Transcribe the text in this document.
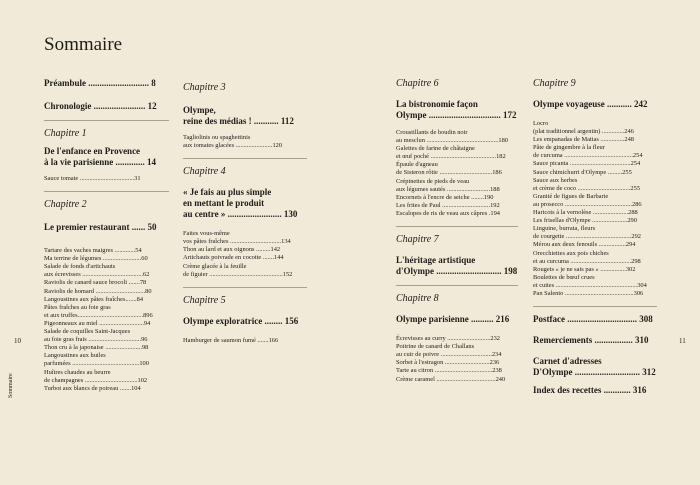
Sommaire
10	11
Sommaire
Préambule ........................... 8
Chronologie ....................... 12
Chapitre 1
De l'enfance en Provence
à la vie parisienne ............. 14
Sauce tomate ..................................31
Chapitre 2
Le premier restaurant ...... 50
Tartare des vaches maigres .............54
Ma terrine de légumes ........................60
Salade de fonds d'artichauts
aux écrevisses ......................................62
Raviolis de canard sauce brocoli .......78
Raviolis de homard ...............................80
Langoustines aux pâtes fraîches.......84
Pâtes fraîches au foie gras
et aux truffes.........................................896
Pigeonneaux au miel ............................94
Salade de coquilles Saint-Jacques
au foie gras frais .................................96
Thon cru à la japonaise .......................98
Langoustines aux huiles
parfumées ..........................................100
Huîtres chaudes au beurre
de champagnes .................................102
Turbot aux blancs de poireau .......104
Chapitre 3
Olympe,
reine des médias ! ........... 112
Tagliolinis ou spaghettinis
aux tomates glacées .......................120
Chapitre 4
« Je fais au plus simple
en mettant le produit
au centre » ........................ 130
Faites vous-même
vos pâtes fraîches ................................134
Thon au lard et aux oignons .........142
Artichauts poivrade en cocotte .......144
Crème glacée à la feuille
de figuier ..............................................152
Chapitre 5
Olympe exploratrice ........ 156
Hamburger de saumon fumé .......166
Chapitre 6
La bistronomie façon
Olympe ................................ 172
Croustillants de boudin noir
au mesclun .............................................180
Galettes de farine de châtaigne
et œuf poché .........................................182
Épaule d'agneau
de Sisteron rôtie .................................186
Crépinettes de pieds de veau
aux légumes sautés ...........................188
Encornets à l'encre de seiche ........190
Les frites de Paul ..............................192
Escalopes de ris de veau aux câpres .194
Chapitre 7
L'héritage artistique
d'Olympe ............................. 198
Chapitre 8
Olympe parisienne .......... 216
Écrevisses au curry ...........................232
Poitrine de canard de Challans
au cuir de poivre ................................234
Sorbet à l'estragon ............................236
Tarte au citron ....................................238
Crème caramel .....................................240
Chapitre 9
Olympe voyageuse ........... 242
Locro
(plat traditionnel argentin) ..............246
Les empanadas de Matias ...............248
Pâte de gingembre à la fleur
de curcuma ...........................................254
Sauce picanta ......................................254
Sauce chimichurri d'Olympe .........255
Sauce aux herbes
et crème de coco .................................255
Granité de figues de Barbarie
au prosecco ..........................................286
Haricots à la vernolèse ......................288
Les frisellas d'Olympe ......................290
Linguine, burrata, fleurs
de courgette .........................................292
Mérou aux deux fenouils .................294
Orecchiettes aux pois chiches
et au curcuma ......................................298
Rougets « je ne sais pas » ................302
Boulettes de bœuf crues
et cuites ...................................................304
Pan Salento ...........................................306
Postface ............................... 308
Remerciements ................. 310
Carnet d'adresses
D'Olympe ............................. 312
Index des recettes ............ 316
